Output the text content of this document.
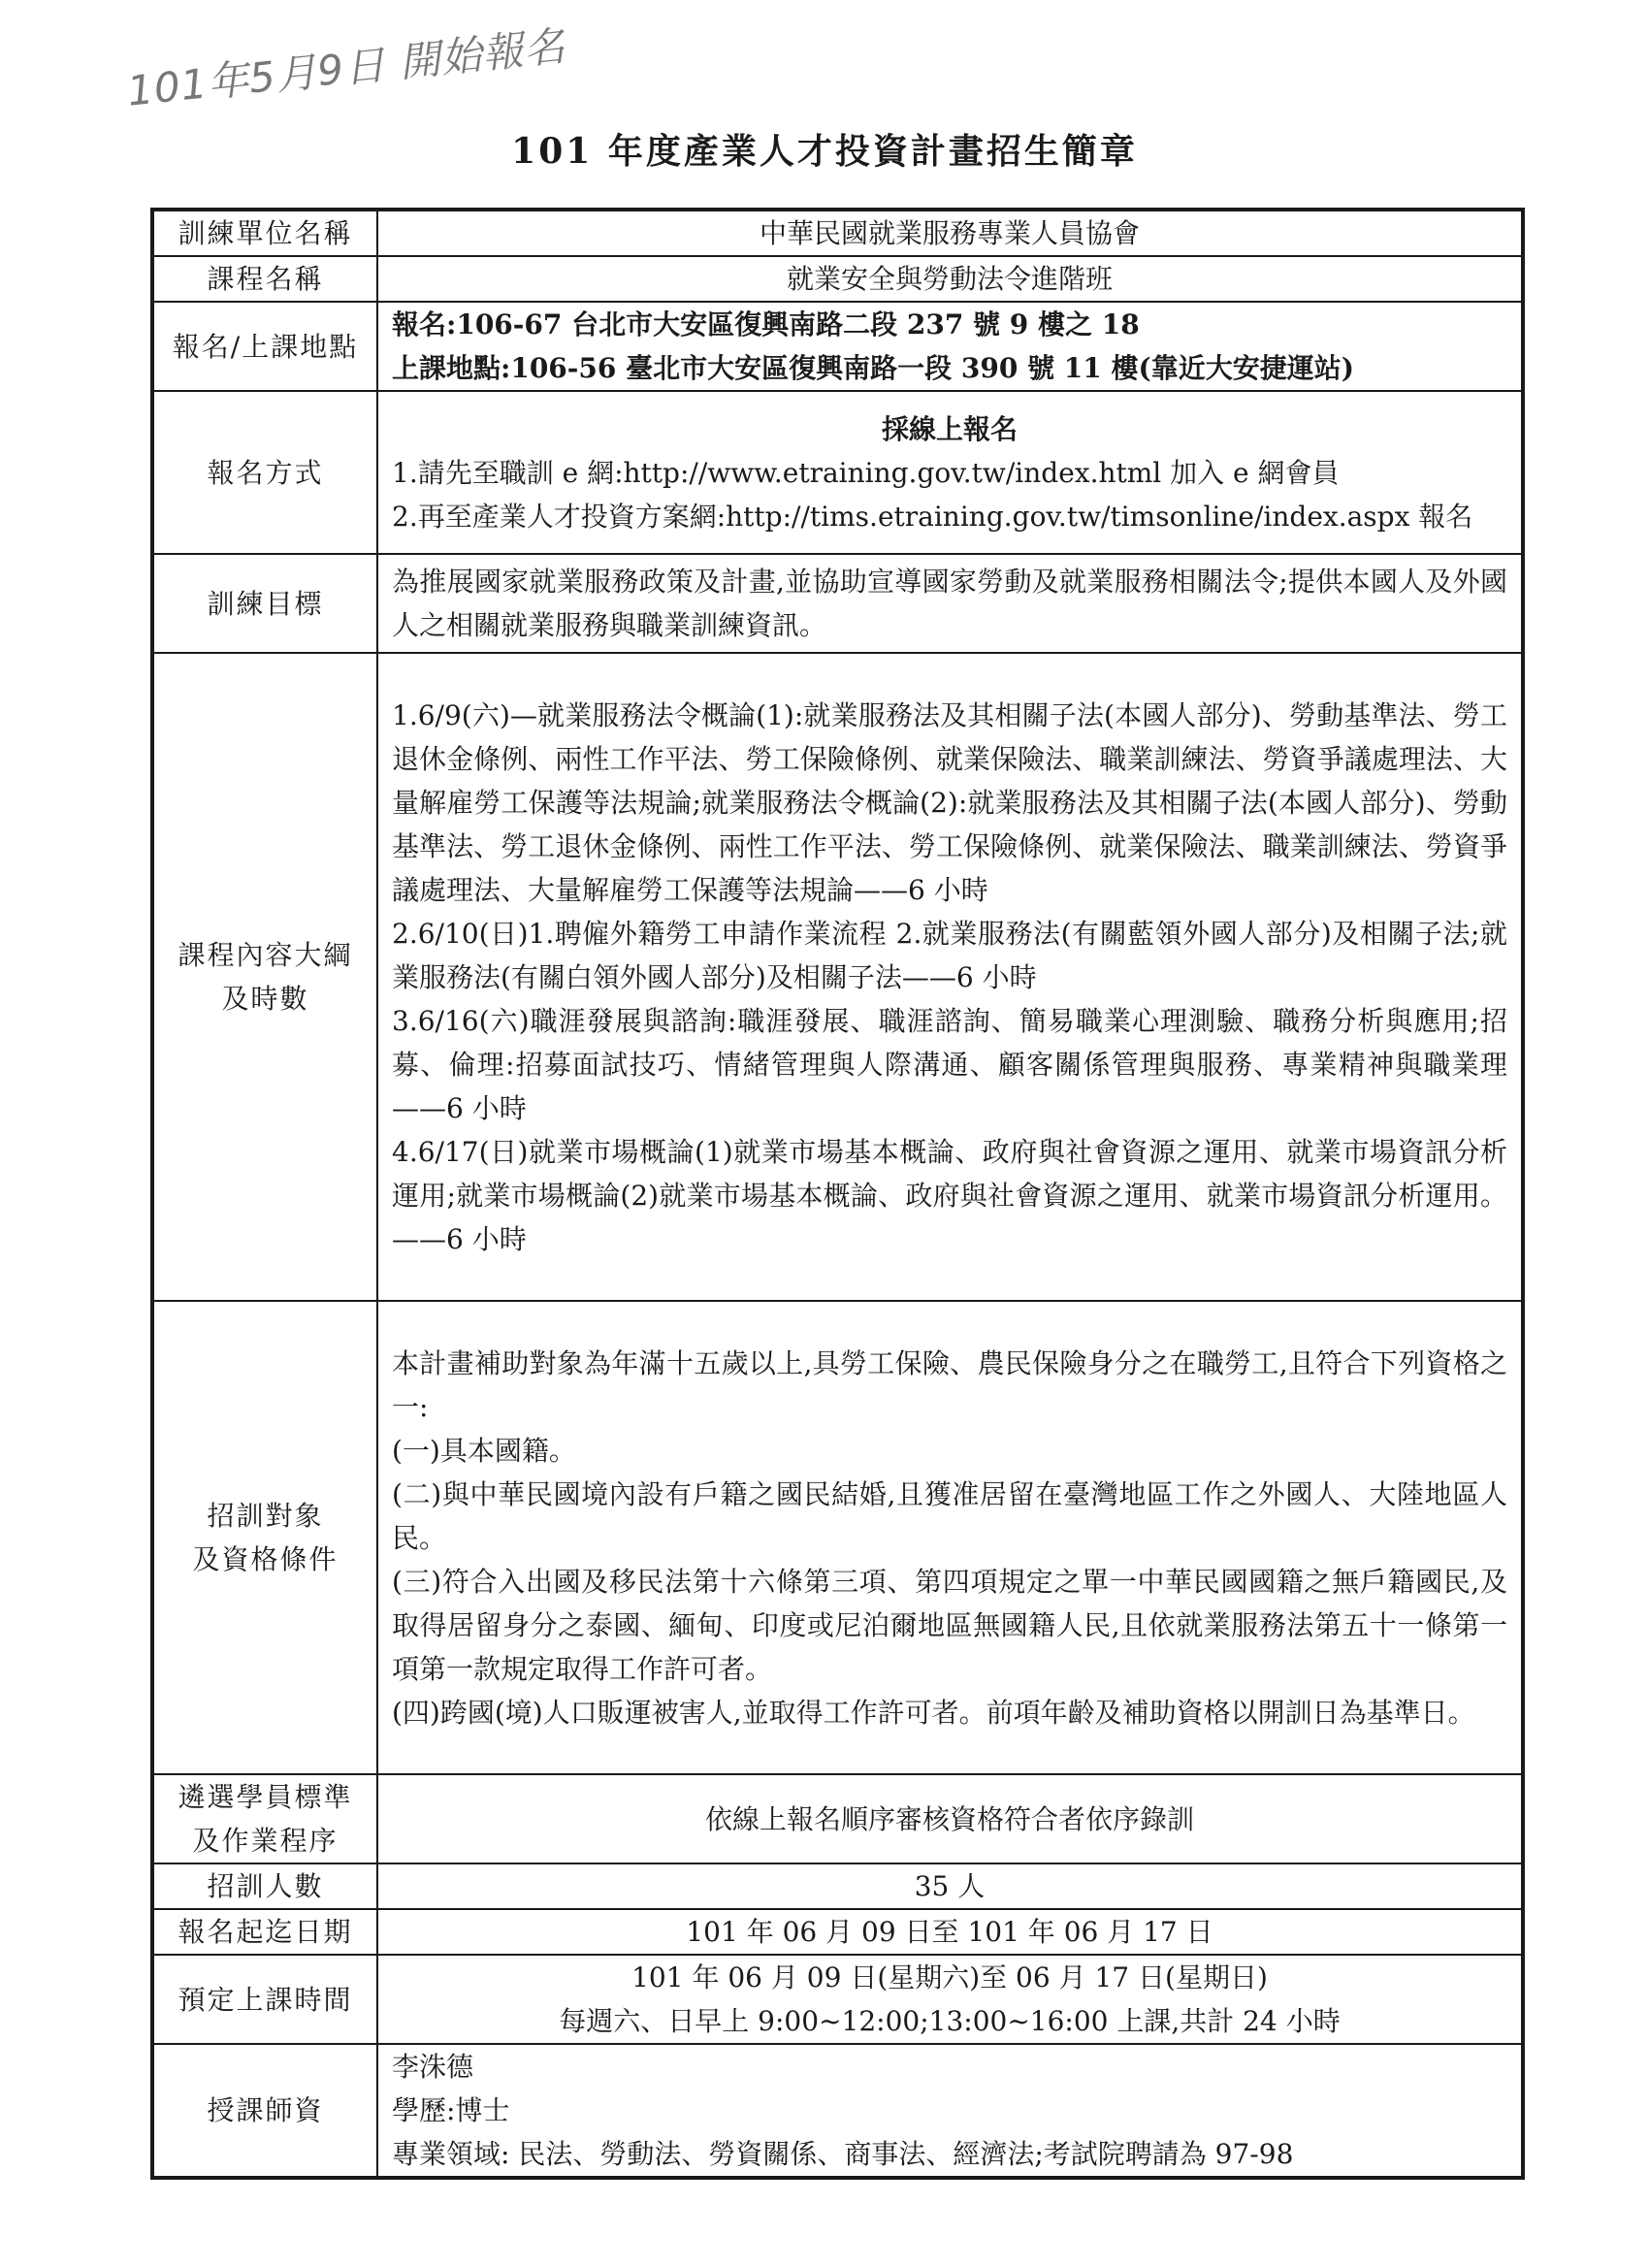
101年5月9日 開始報名
101 年度產業人才投資計畫招生簡章
訓練單位名稱	中華民國就業服務專業人員協會
課程名稱	就業安全與勞動法令進階班
報名/上課地點	報名:106-67 台北市大安區復興南路二段 237 號 9 樓之 18
上課地點:106-56 臺北市大安區復興南路一段 390 號 11 樓(靠近大安捷運站)

報名方式	採線上報名
1.請先至職訓 e 網:http://www.etraining.gov.tw/index.html 加入 e 網會員
2.再至產業人才投資方案網:http://tims.etraining.gov.tw/timsonline/index.aspx 報名

訓練目標	為推展國家就業服務政策及計畫,並協助宣導國家勞動及就業服務相關法令;提供本國人及外國人之相關就業服務與職業訓練資訊。

課程內容大綱
及時數	1.6/9(六)—就業服務法令概論(1):就業服務法及其相關子法(本國人部分)、勞動基準法、勞工退休金條例、兩性工作平法、勞工保險條例、就業保險法、職業訓練法、勞資爭議處理法、大量解雇勞工保護等法規論;就業服務法令概論(2):就業服務法及其相關子法(本國人部分)、勞動基準法、勞工退休金條例、兩性工作平法、勞工保險條例、就業保險法、職業訓練法、勞資爭議處理法、大量解雇勞工保護等法規論——6 小時
2.6/10(日)1.聘僱外籍勞工申請作業流程 2.就業服務法(有關藍領外國人部分)及相關子法;就業服務法(有關白領外國人部分)及相關子法——6 小時
3.6/16(六)職涯發展與諮詢:職涯發展、職涯諮詢、簡易職業心理測驗、職務分析與應用;招募、倫理:招募面試技巧、情緒管理與人際溝通、顧客關係管理與服務、專業精神與職業理——6 小時
4.6/17(日)就業市場概論(1)就業市場基本概論、政府與社會資源之運用、就業市場資訊分析運用;就業市場概論(2)就業市場基本概論、政府與社會資源之運用、就業市場資訊分析運用。——6 小時

招訓對象
及資格條件	本計畫補助對象為年滿十五歲以上,具勞工保險、農民保險身分之在職勞工,且符合下列資格之一:
(一)具本國籍。
(二)與中華民國境內設有戶籍之國民結婚,且獲准居留在臺灣地區工作之外國人、大陸地區人民。
(三)符合入出國及移民法第十六條第三項、第四項規定之單一中華民國國籍之無戶籍國民,及取得居留身分之泰國、緬甸、印度或尼泊爾地區無國籍人民,且依就業服務法第五十一條第一項第一款規定取得工作許可者。
(四)跨國(境)人口販運被害人,並取得工作許可者。前項年齡及補助資格以開訓日為基準日。

遴選學員標準
及作業程序	依線上報名順序審核資格符合者依序錄訓
招訓人數	35 人
報名起迄日期	101 年 06 月 09 日至 101 年 06 月 17 日
預定上課時間	101 年 06 月 09 日(星期六)至 06 月 17 日(星期日)
每週六、日早上 9:00~12:00;13:00~16:00 上課,共計 24 小時

授課師資	李洙德
學歷:博士
專業領域: 民法、勞動法、勞資關係、商事法、經濟法;考試院聘請為 97-98
